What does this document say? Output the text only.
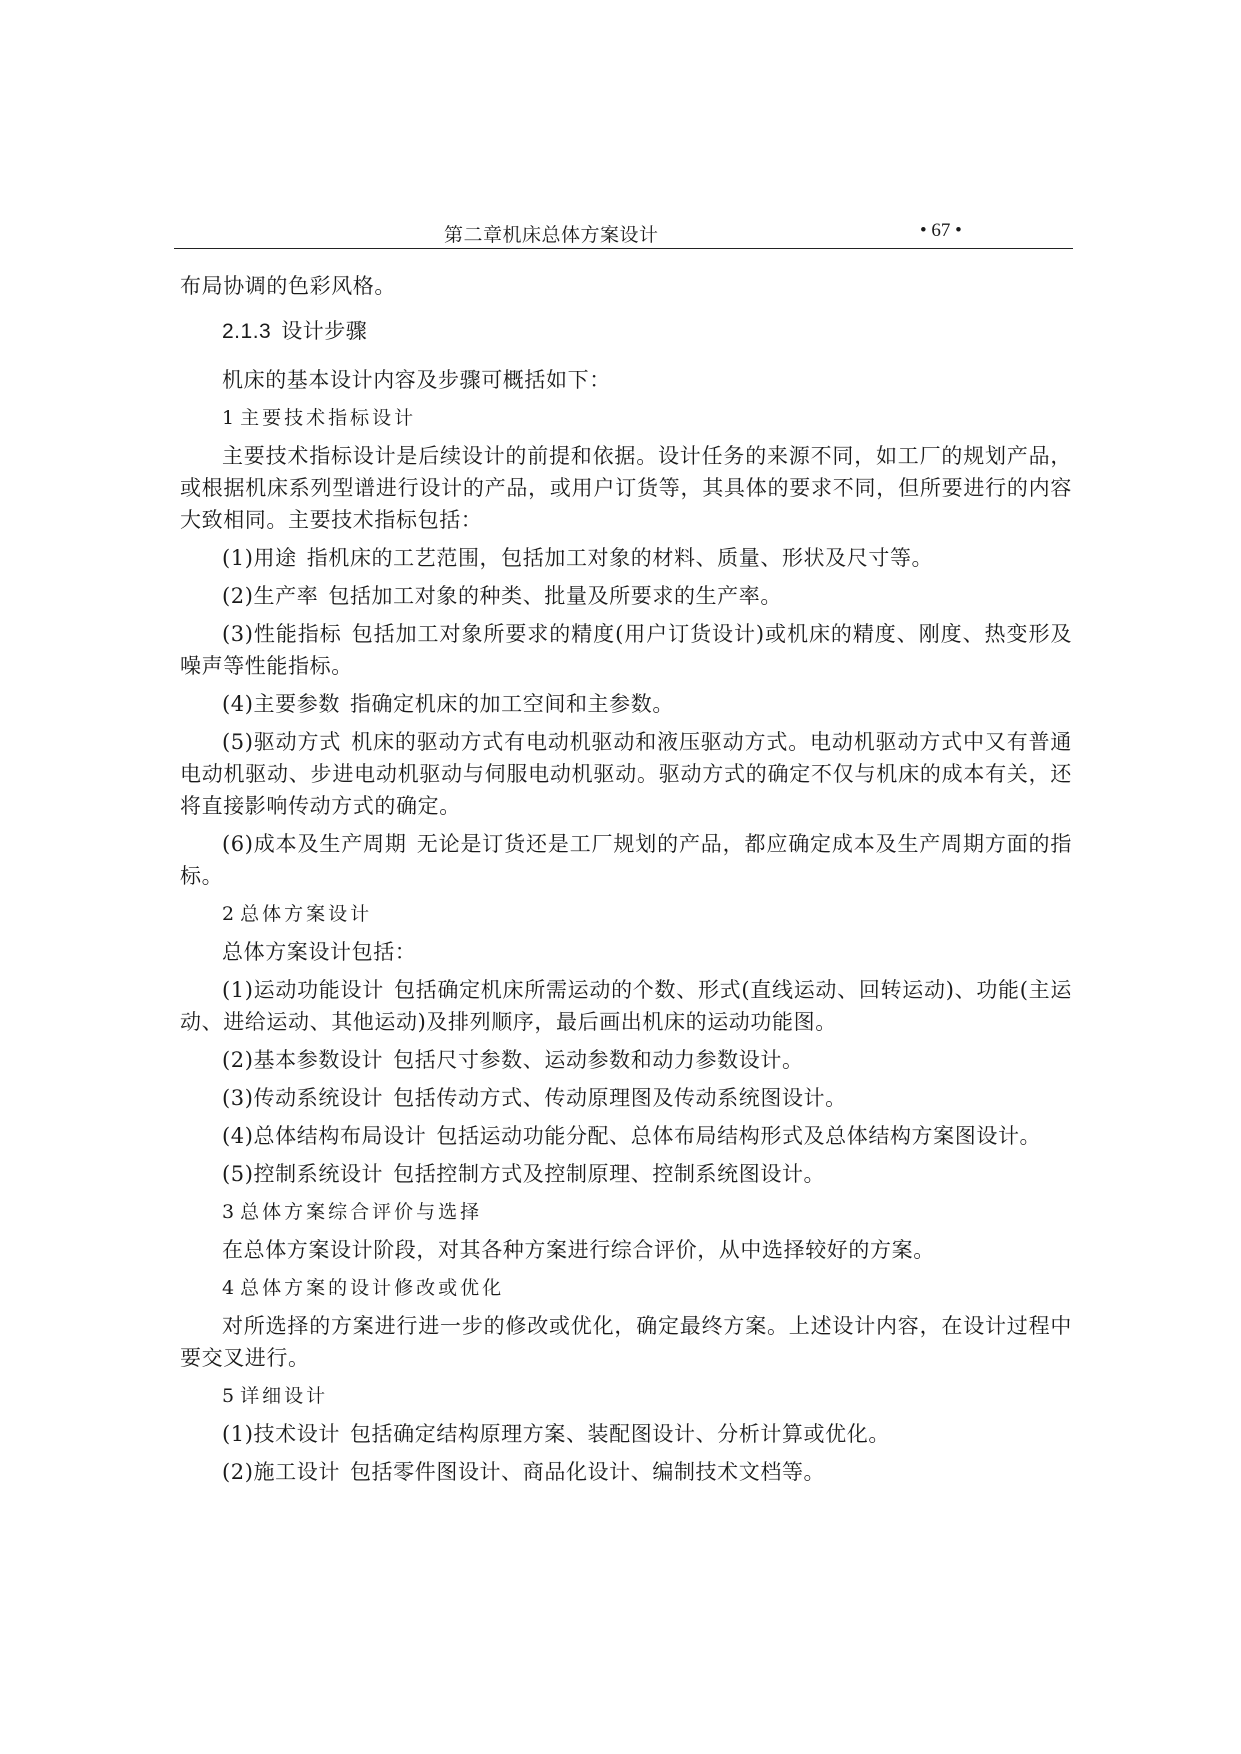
第二章机床总体方案设计	• 67 •

布局协调的色彩风格。

2.1.3 设计步骤

机床的基本设计内容及步骤可概括如下：

1 主要技术指标设计

主要技术指标设计是后续设计的前提和依据。设计任务的来源不同，如工厂的规划产品，或根据机床系列型谱进行设计的产品，或用户订货等，其具体的要求不同，但所要进行的内容大致相同。主要技术指标包括：

(1)用途 指机床的工艺范围，包括加工对象的材料、质量、形状及尺寸等。

(2)生产率 包括加工对象的种类、批量及所要求的生产率。

(3)性能指标 包括加工对象所要求的精度(用户订货设计)或机床的精度、刚度、热变形及噪声等性能指标。

(4)主要参数 指确定机床的加工空间和主参数。

(5)驱动方式 机床的驱动方式有电动机驱动和液压驱动方式。电动机驱动方式中又有普通电动机驱动、步进电动机驱动与伺服电动机驱动。驱动方式的确定不仅与机床的成本有关，还将直接影响传动方式的确定。

(6)成本及生产周期 无论是订货还是工厂规划的产品，都应确定成本及生产周期方面的指标。

2 总体方案设计

总体方案设计包括：

(1)运动功能设计 包括确定机床所需运动的个数、形式(直线运动、回转运动)、功能(主运动、进给运动、其他运动)及排列顺序，最后画出机床的运动功能图。

(2)基本参数设计 包括尺寸参数、运动参数和动力参数设计。

(3)传动系统设计 包括传动方式、传动原理图及传动系统图设计。

(4)总体结构布局设计 包括运动功能分配、总体布局结构形式及总体结构方案图设计。

(5)控制系统设计 包括控制方式及控制原理、控制系统图设计。

3 总体方案综合评价与选择

在总体方案设计阶段，对其各种方案进行综合评价，从中选择较好的方案。

4 总体方案的设计修改或优化

对所选择的方案进行进一步的修改或优化，确定最终方案。上述设计内容，在设计过程中要交叉进行。

5 详细设计

(1)技术设计 包括确定结构原理方案、装配图设计、分析计算或优化。

(2)施工设计 包括零件图设计、商品化设计、编制技术文档等。
